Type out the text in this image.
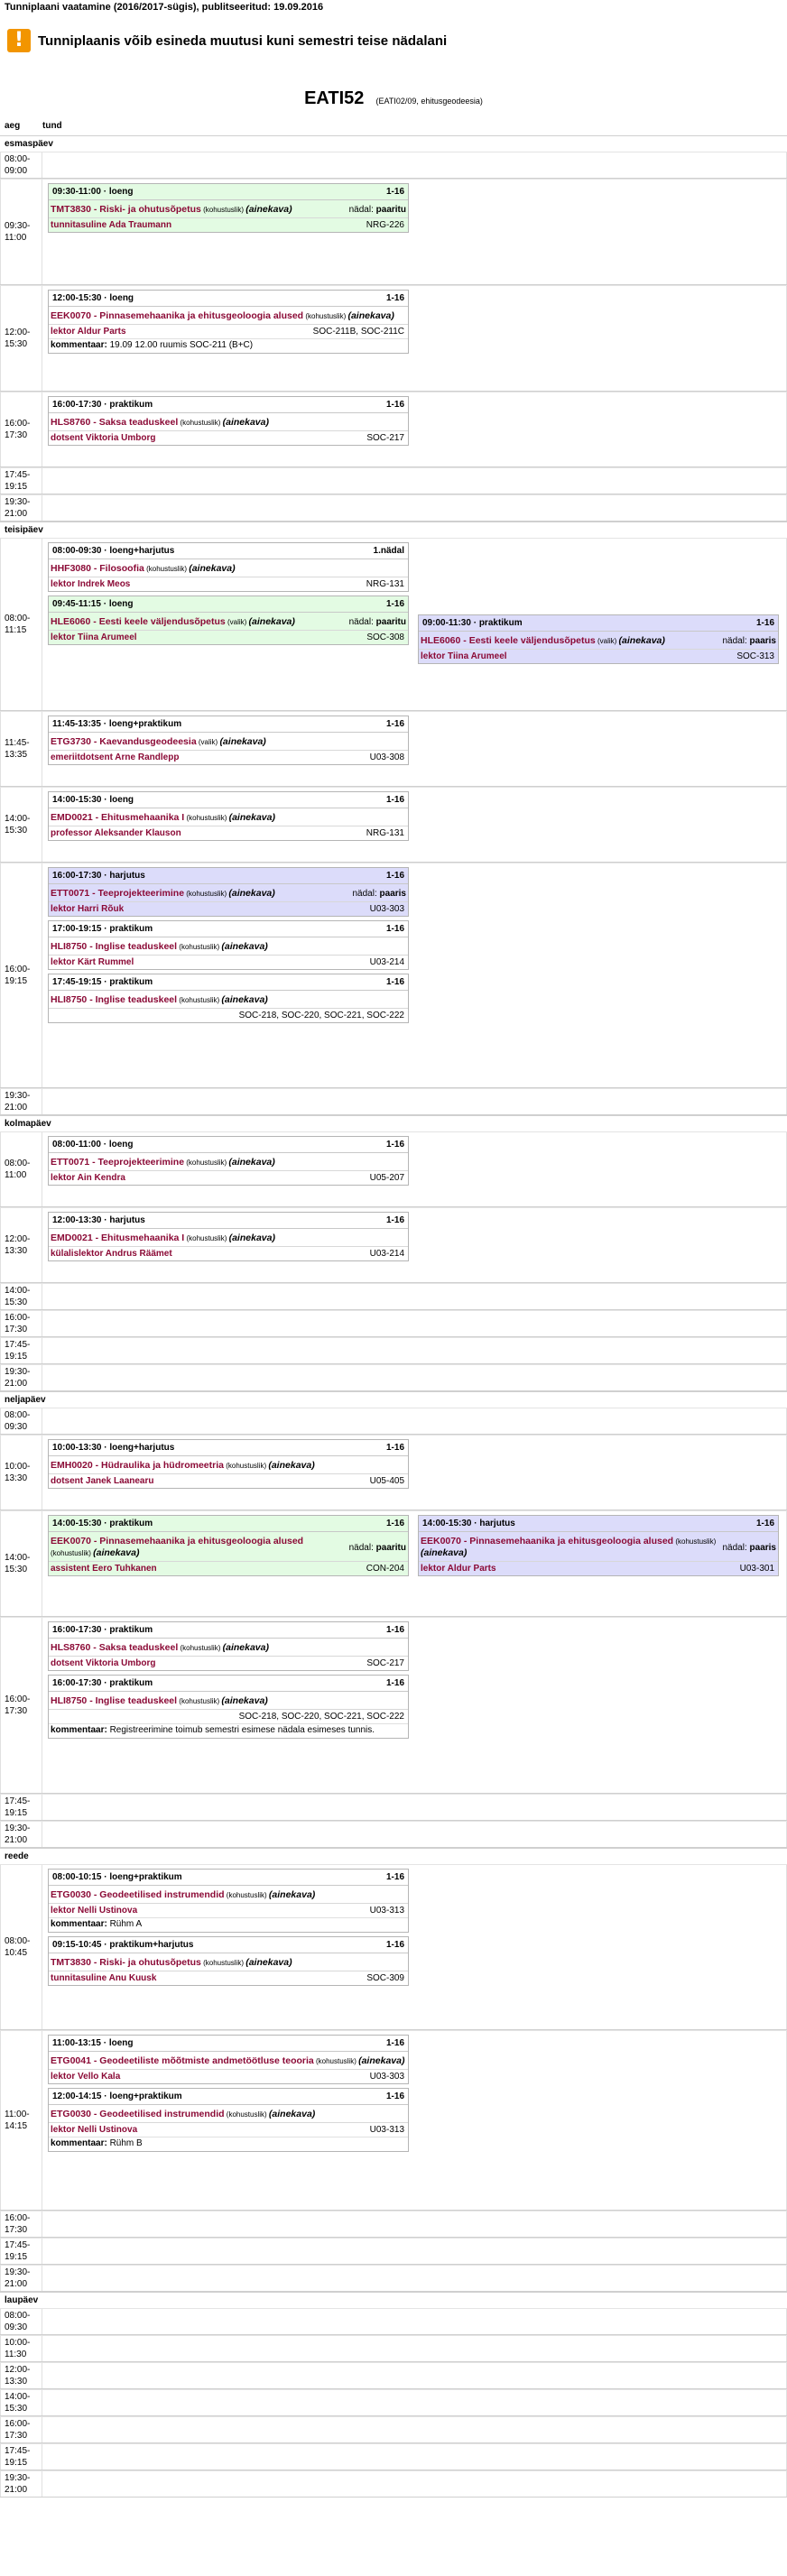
Tunniplaani vaatamine (2016/2017-sügis), publitseeritud: 19.09.2016
!	Tunniplaanis võib esineda muutusi kuni semestri teise nädalani
EATI52 (EATI02/09, ehitusgeodeesia)
aeg	tund
esmaspäev
08:00-
09:00
09:30-
11:00
09:30-11:00 · loeng	1-16
TMT3830 - Riski- ja ohutusõpetus (kohustuslik) (ainekava)	nädal: paaritu
tunnitasuline Ada Traumann	NRG-226
12:00-
15:30
12:00-15:30 · loeng	1-16
EEK0070 - Pinnasemehaanika ja ehitusgeoloogia alused (kohustuslik) (ainekava)
lektor Aldur Parts	SOC-211B, SOC-211C
kommentaar: 19.09 12.00 ruumis SOC-211 (B+C)
16:00-
17:30
16:00-17:30 · praktikum	1-16
HLS8760 - Saksa teaduskeel (kohustuslik) (ainekava)
dotsent Viktoria Umborg	SOC-217
17:45-
19:15
19:30-
21:00
teisipäev
08:00-
11:15
08:00-09:30 · loeng+harjutus	1.nädal
HHF3080 - Filosoofia (kohustuslik) (ainekava)
lektor Indrek Meos	NRG-131
09:45-11:15 · loeng	1-16
HLE6060 - Eesti keele väljendusõpetus (valik) (ainekava)	nädal: paaritu
lektor Tiina Arumeel	SOC-308
09:00-11:30 · praktikum	1-16
HLE6060 - Eesti keele väljendusõpetus (valik) (ainekava)	nädal: paaris
lektor Tiina Arumeel	SOC-313
11:45-
13:35
11:45-13:35 · loeng+praktikum	1-16
ETG3730 - Kaevandusgeodeesia (valik) (ainekava)
emeriitdotsent Arne Randlepp	U03-308
14:00-
15:30
14:00-15:30 · loeng	1-16
EMD0021 - Ehitusmehaanika I (kohustuslik) (ainekava)
professor Aleksander Klauson	NRG-131
16:00-
19:15
16:00-17:30 · harjutus	1-16
ETT0071 - Teeprojekteerimine (kohustuslik) (ainekava)	nädal: paaris
lektor Harri Rõuk	U03-303
17:00-19:15 · praktikum	1-16
HLI8750 - Inglise teaduskeel (kohustuslik) (ainekava)
lektor Kärt Rummel	U03-214
17:45-19:15 · praktikum	1-16
HLI8750 - Inglise teaduskeel (kohustuslik) (ainekava)
SOC-218, SOC-220, SOC-221, SOC-222
19:30-
21:00
kolmapäev
08:00-
11:00
08:00-11:00 · loeng	1-16
ETT0071 - Teeprojekteerimine (kohustuslik) (ainekava)
lektor Ain Kendra	U05-207
12:00-
13:30
12:00-13:30 · harjutus	1-16
EMD0021 - Ehitusmehaanika I (kohustuslik) (ainekava)
külalislektor Andrus Räämet	U03-214
14:00-
15:30
16:00-
17:30
17:45-
19:15
19:30-
21:00
neljapäev
08:00-
09:30
10:00-
13:30
10:00-13:30 · loeng+harjutus	1-16
EMH0020 - Hüdraulika ja hüdromeetria (kohustuslik) (ainekava)
dotsent Janek Laanearu	U05-405
14:00-
15:30
14:00-15:30 · praktikum	1-16
EEK0070 - Pinnasemehaanika ja ehitusgeoloogia alused (kohustuslik) (ainekava)	nädal: paaritu
assistent Eero Tuhkanen	CON-204
14:00-15:30 · harjutus	1-16
EEK0070 - Pinnasemehaanika ja ehitusgeoloogia alused (kohustuslik) (ainekava)	nädal: paaris
lektor Aldur Parts	U03-301
16:00-
17:30
16:00-17:30 · praktikum	1-16
HLS8760 - Saksa teaduskeel (kohustuslik) (ainekava)
dotsent Viktoria Umborg	SOC-217
16:00-17:30 · praktikum	1-16
HLI8750 - Inglise teaduskeel (kohustuslik) (ainekava)
SOC-218, SOC-220, SOC-221, SOC-222
kommentaar: Registreerimine toimub semestri esimese nädala esimeses tunnis.
17:45-
19:15
19:30-
21:00
reede
08:00-
10:45
08:00-10:15 · loeng+praktikum	1-16
ETG0030 - Geodeetilised instrumendid (kohustuslik) (ainekava)
lektor Nelli Ustinova	U03-313
kommentaar: Rühm A
09:15-10:45 · praktikum+harjutus	1-16
TMT3830 - Riski- ja ohutusõpetus (kohustuslik) (ainekava)
tunnitasuline Anu Kuusk	SOC-309
11:00-
14:15
11:00-13:15 · loeng	1-16
ETG0041 - Geodeetiliste mõõtmiste andmetöötluse teooria (kohustuslik) (ainekava)
lektor Vello Kala	U03-303
12:00-14:15 · loeng+praktikum	1-16
ETG0030 - Geodeetilised instrumendid (kohustuslik) (ainekava)
lektor Nelli Ustinova	U03-313
kommentaar: Rühm B
16:00-
17:30
17:45-
19:15
19:30-
21:00
laupäev
08:00-
09:30
10:00-
11:30
12:00-
13:30
14:00-
15:30
16:00-
17:30
17:45-
19:15
19:30-
21:00
